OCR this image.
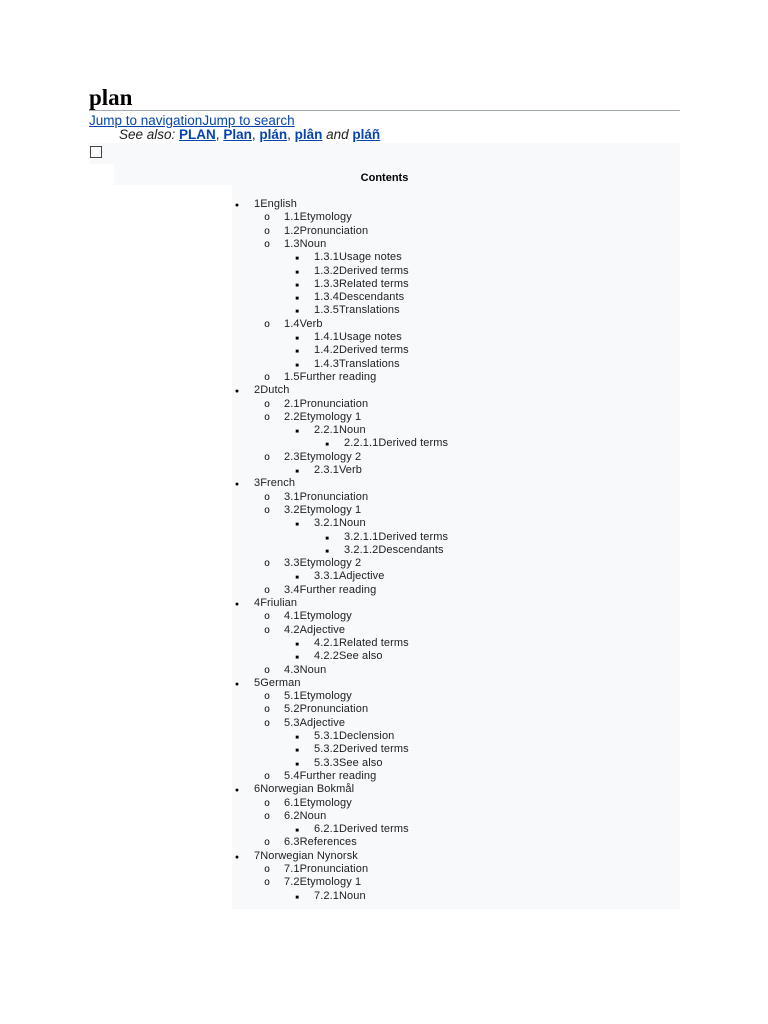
plan
Jump to navigationJump to search
See also: PLAN, Plan, plán, plân and pláñ
Contents
●
1English
o
1.1Etymology
o
1.2Pronunciation
o
1.3Noun
■
1.3.1Usage notes
■
1.3.2Derived terms
■
1.3.3Related terms
■
1.3.4Descendants
■
1.3.5Translations
o
1.4Verb
■
1.4.1Usage notes
■
1.4.2Derived terms
■
1.4.3Translations
o
1.5Further reading
●
2Dutch
o
2.1Pronunciation
o
2.2Etymology 1
■
2.2.1Noun
■
2.2.1.1Derived terms
o
2.3Etymology 2
■
2.3.1Verb
●
3French
o
3.1Pronunciation
o
3.2Etymology 1
■
3.2.1Noun
■
3.2.1.1Derived terms
■
3.2.1.2Descendants
o
3.3Etymology 2
■
3.3.1Adjective
o
3.4Further reading
●
4Friulian
o
4.1Etymology
o
4.2Adjective
■
4.2.1Related terms
■
4.2.2See also
o
4.3Noun
●
5German
o
5.1Etymology
o
5.2Pronunciation
o
5.3Adjective
■
5.3.1Declension
■
5.3.2Derived terms
■
5.3.3See also
o
5.4Further reading
●
6Norwegian Bokmål
o
6.1Etymology
o
6.2Noun
■
6.2.1Derived terms
o
6.3References
●
7Norwegian Nynorsk
o
7.1Pronunciation
o
7.2Etymology 1
■
7.2.1Noun
